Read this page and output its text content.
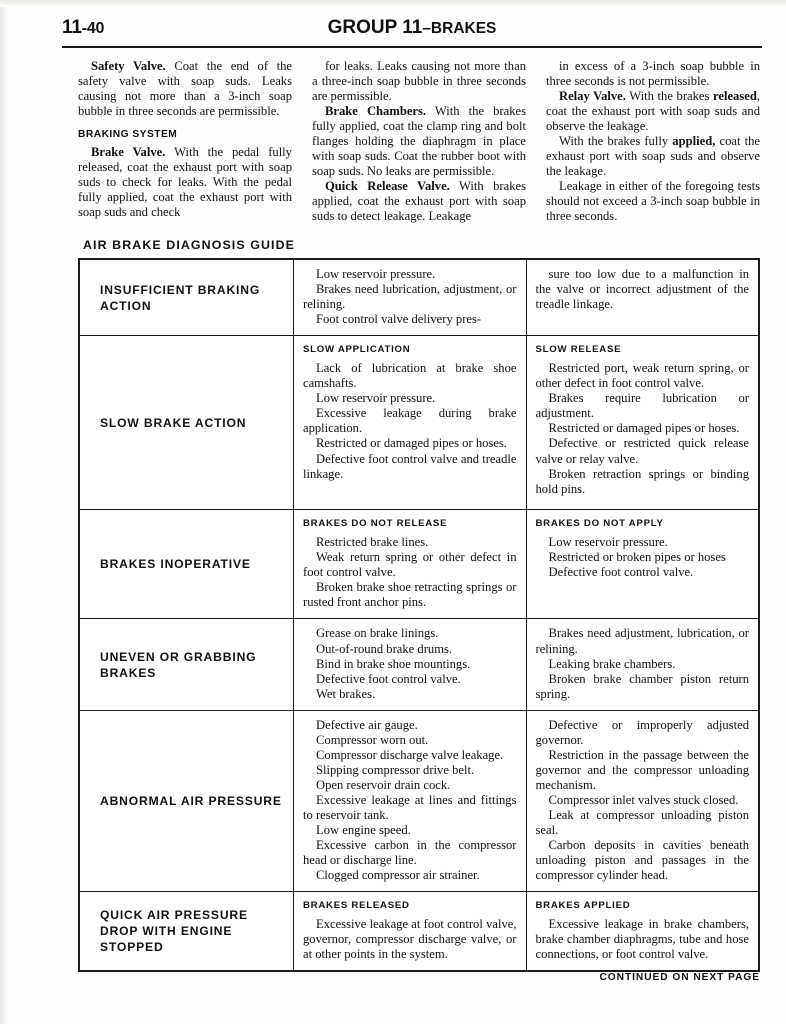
11-40	GROUP 11–BRAKES

Safety Valve. Coat the end of the safety valve with soap suds. Leaks causing not more than a 3-inch soap bubble in three seconds are permissible.

BRAKING SYSTEM

Brake Valve. With the pedal fully released, coat the exhaust port with soap suds to check for leaks. With the pedal fully applied, coat the exhaust port with soap suds and check

for leaks. Leaks causing not more than a three-inch soap bubble in three seconds are permissible.

Brake Chambers. With the brakes fully applied, coat the clamp ring and bolt flanges holding the diaphragm in place with soap suds. Coat the rubber boot with soap suds. No leaks are permissible.

Quick Release Valve. With brakes applied, coat the exhaust port with soap suds to detect leakage. Leakage

in excess of a 3-inch soap bubble in three seconds is not permissible.

Relay Valve. With the brakes released, coat the exhaust port with soap suds and observe the leakage.

With the brakes fully applied, coat the exhaust port with soap suds and observe the leakage.

Leakage in either of the foregoing tests should not exceed a 3-inch soap bubble in three seconds.

AIR BRAKE DIAGNOSIS GUIDE
INSUFFICIENT BRAKING ACTION

Low reservoir pressure.

Brakes need lubrication, adjustment, or relining.

Foot control valve delivery pres-

sure too low due to a malfunction in the valve or incorrect adjustment of the treadle linkage.

SLOW BRAKE ACTION
SLOW APPLICATION

Lack of lubrication at brake shoe camshafts.

Low reservoir pressure.

Excessive leakage during brake application.

Restricted or damaged pipes or hoses.

Defective foot control valve and treadle linkage.

SLOW RELEASE

Restricted port, weak return spring, or other defect in foot control valve.

Brakes require lubrication or adjustment.

Restricted or damaged pipes or hoses.

Defective or restricted quick release valve or relay valve.

Broken retraction springs or binding hold pins.

BRAKES INOPERATIVE
BRAKES DO NOT RELEASE

Restricted brake lines.

Weak return spring or other defect in foot control valve.

Broken brake shoe retracting springs or rusted front anchor pins.

BRAKES DO NOT APPLY

Low reservoir pressure.

Restricted or broken pipes or hoses

Defective foot control valve.

UNEVEN OR GRABBING BRAKES

Grease on brake linings.

Out-of-round brake drums.

Bind in brake shoe mountings.

Defective foot control valve.

Wet brakes.

Brakes need adjustment, lubrication, or relining.

Leaking brake chambers.

Broken brake chamber piston return spring.

ABNORMAL AIR PRESSURE

Defective air gauge.

Compressor worn out.

Compressor discharge valve leakage.

Slipping compressor drive belt.

Open reservoir drain cock.

Excessive leakage at lines and fittings to reservoir tank.

Low engine speed.

Excessive carbon in the compressor head or discharge line.

Clogged compressor air strainer.

Defective or improperly adjusted governor.

Restriction in the passage between the governor and the compressor unloading mechanism.

Compressor inlet valves stuck closed.

Leak at compressor unloading piston seal.

Carbon deposits in cavities beneath unloading piston and passages in the compressor cylinder head.

QUICK AIR PRESSURE DROP WITH ENGINE STOPPED
BRAKES RELEASED

Excessive leakage at foot control valve, governor, compressor discharge valve, or at other points in the system.

BRAKES APPLIED

Excessive leakage in brake chambers, brake chamber diaphragms, tube and hose connections, or foot control valve.

CONTINUED ON NEXT PAGE
